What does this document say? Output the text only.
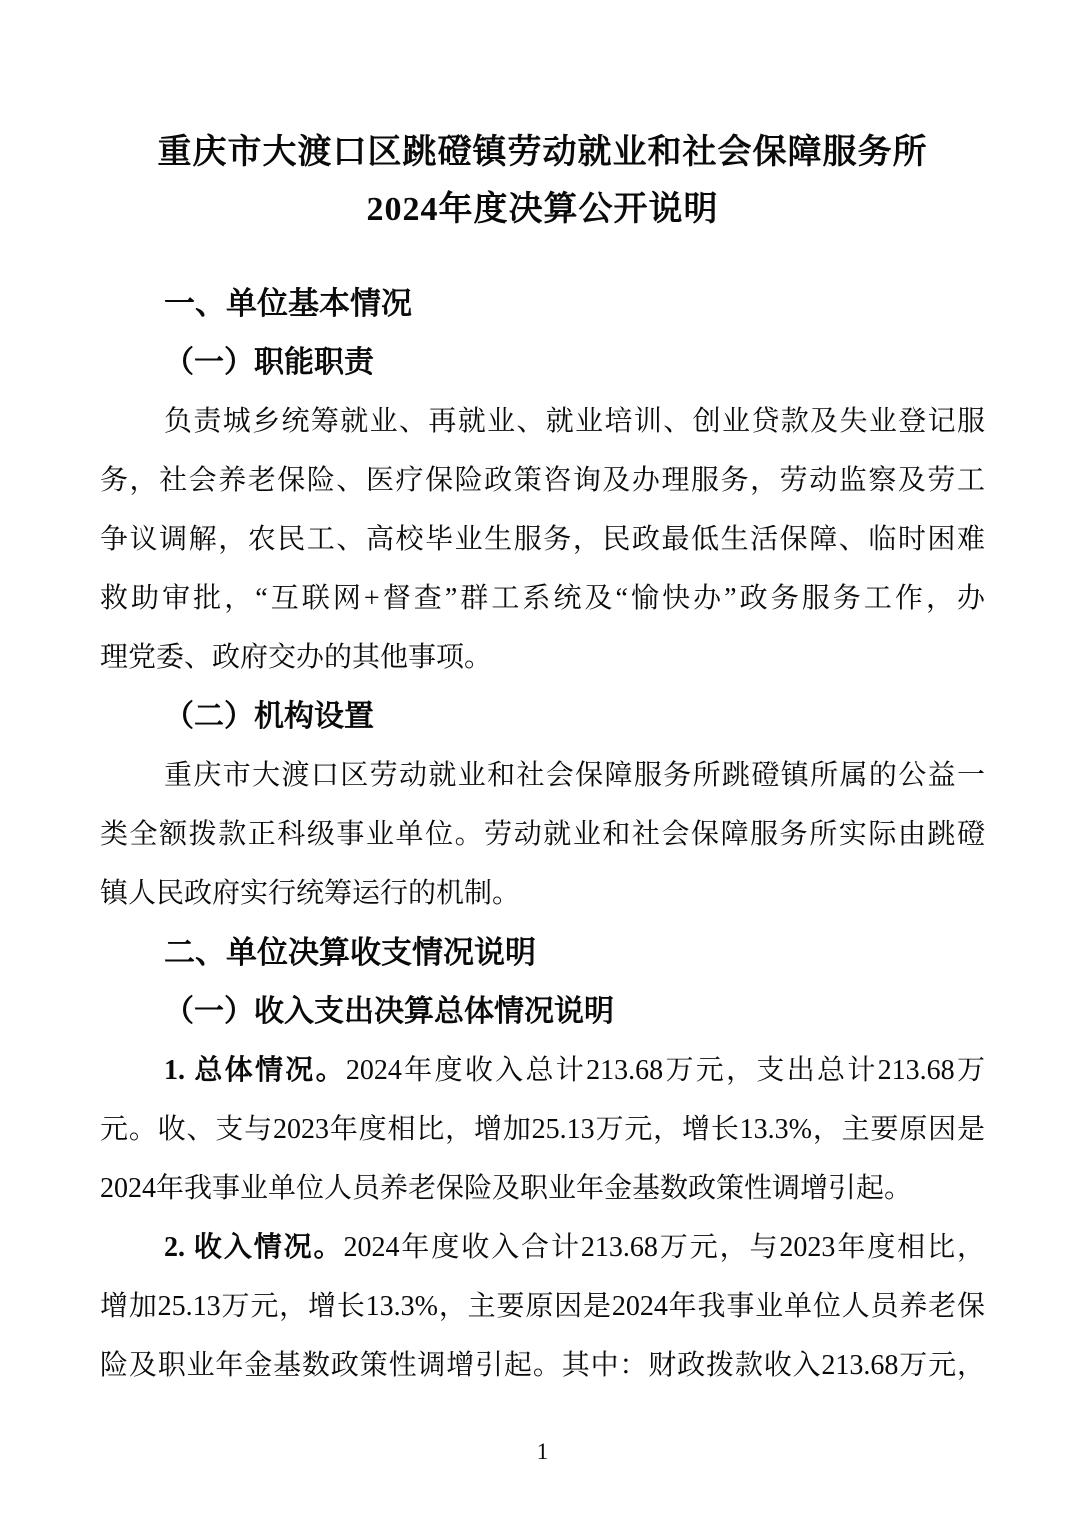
重庆市大渡口区跳磴镇劳动就业和社会保障服务所
2024年度决算公开说明
一、单位基本情况
（一）职能职责
负责城乡统筹就业、再就业、就业培训、创业贷款及失业登记服
务，社会养老保险、医疗保险政策咨询及办理服务，劳动监察及劳工
争议调解，农民工、高校毕业生服务，民政最低生活保障、临时困难
救助审批，“互联网+督查”群工系统及“愉快办”政务服务工作，办
理党委、政府交办的其他事项。
（二）机构设置
重庆市大渡口区劳动就业和社会保障服务所跳磴镇所属的公益一
类全额拨款正科级事业单位。劳动就业和社会保障服务所实际由跳磴
镇人民政府实行统筹运行的机制。
二、单位决算收支情况说明
（一）收入支出决算总体情况说明
1. 总体情况。2024年度收入总计213.68万元，支出总计213.68万
元。收、支与2023年度相比，增加25.13万元，增长13.3%，主要原因是
2024年我事业单位人员养老保险及职业年金基数政策性调增引起。
2. 收入情况。2024年度收入合计213.68万元，与2023年度相比，
增加25.13万元，增长13.3%，主要原因是2024年我事业单位人员养老保
险及职业年金基数政策性调增引起。其中：财政拨款收入213.68万元，
1
